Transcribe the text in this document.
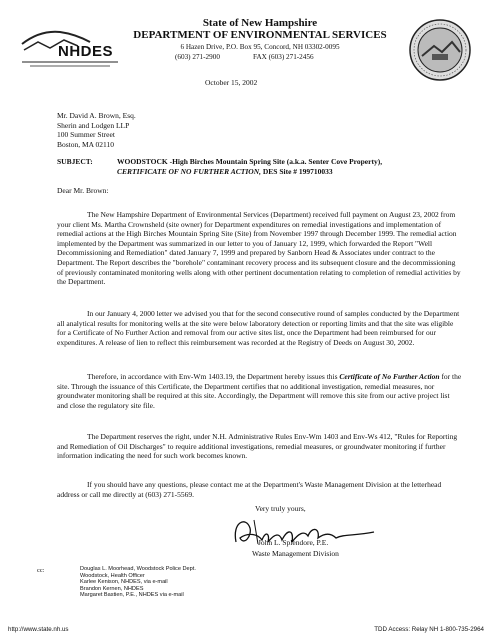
NHDES
State of New Hampshire
DEPARTMENT OF ENVIRONMENTAL SERVICES
6 Hazen Drive, P.O. Box 95, Concord, NH 03302-0095
(603) 271-2900	FAX (603) 271-2456
October 15, 2002
Mr. David A. Brown, Esq.
Sherin and Lodgen LLP
100 Summer Street
Boston, MA 02110
SUBJECT:	WOODSTOCK -High Birches Mountain Spring Site (a.k.a. Senter Cove Property),
CERTIFICATE OF NO FURTHER ACTION, DES Site # 199710033
Dear Mr. Brown:
The New Hampshire Department of Environmental Services (Department) received full payment on August 23, 2002 from your client Ms. Martha Crownsheld (site owner) for Department expenditures on remedial investigations and implementation of remedial actions at the High Birches Mountain Spring Site (Site) from November 1997 through December 1999. The remedial action implemented by the Department was summarized in our letter to you of January 12, 1999, which forwarded the Report "Well Decommissioning and Remediation" dated January 7, 1999 and prepared by Sanborn Head & Associates under contract to the Department. The Report describes the "borehole" contaminant recovery process and its subsequent closure and the decommissioning of previously contaminated monitoring wells along with other pertinent documentation relating to completion of remedial activities by the Department.
In our January 4, 2000 letter we advised you that for the second consecutive round of samples conducted by the Department all analytical results for monitoring wells at the site were below laboratory detection or reporting limits and that the site was eligible for a Certificate of No Further Action and removal from our active sites list, once the Department had been reimbursed for our expenditures. A release of lien to reflect this reimbursement was recorded at the Registry of Deeds on August 30, 2002.
Therefore, in accordance with Env-Wm 1403.19, the Department hereby issues this Certificate of No Further Action for the site. Through the issuance of this Certificate, the Department certifies that no additional investigation, remedial measures, nor groundwater monitoring shall be required at this site. Accordingly, the Department will remove this site from our active project list and close the regulatory site file.
The Department reserves the right, under N.H. Administrative Rules Env-Wm 1403 and Env-Ws 412, "Rules for Reporting and Remediation of Oil Discharges" to require additional investigations, remedial measures, or groundwater monitoring if further information indicating the need for such work becomes known.
If you should have any questions, please contact me at the Department's Waste Management Division at the letterhead address or call me directly at (603) 271-5569.
Very truly yours,
John L. Splendore, P.E.
Waste Management Division
cc:	Douglas L. Moorhead, Woodstock Police Dept.
Woodstock, Health Officer
Karlee Kenison, NHDES, via e-mail
Brandon Kernen, NHDES
Margaret Bastien, P.E., NHDES via e-mail
http://www.state.nh.us	TDD Access: Relay NH 1-800-735-2964
